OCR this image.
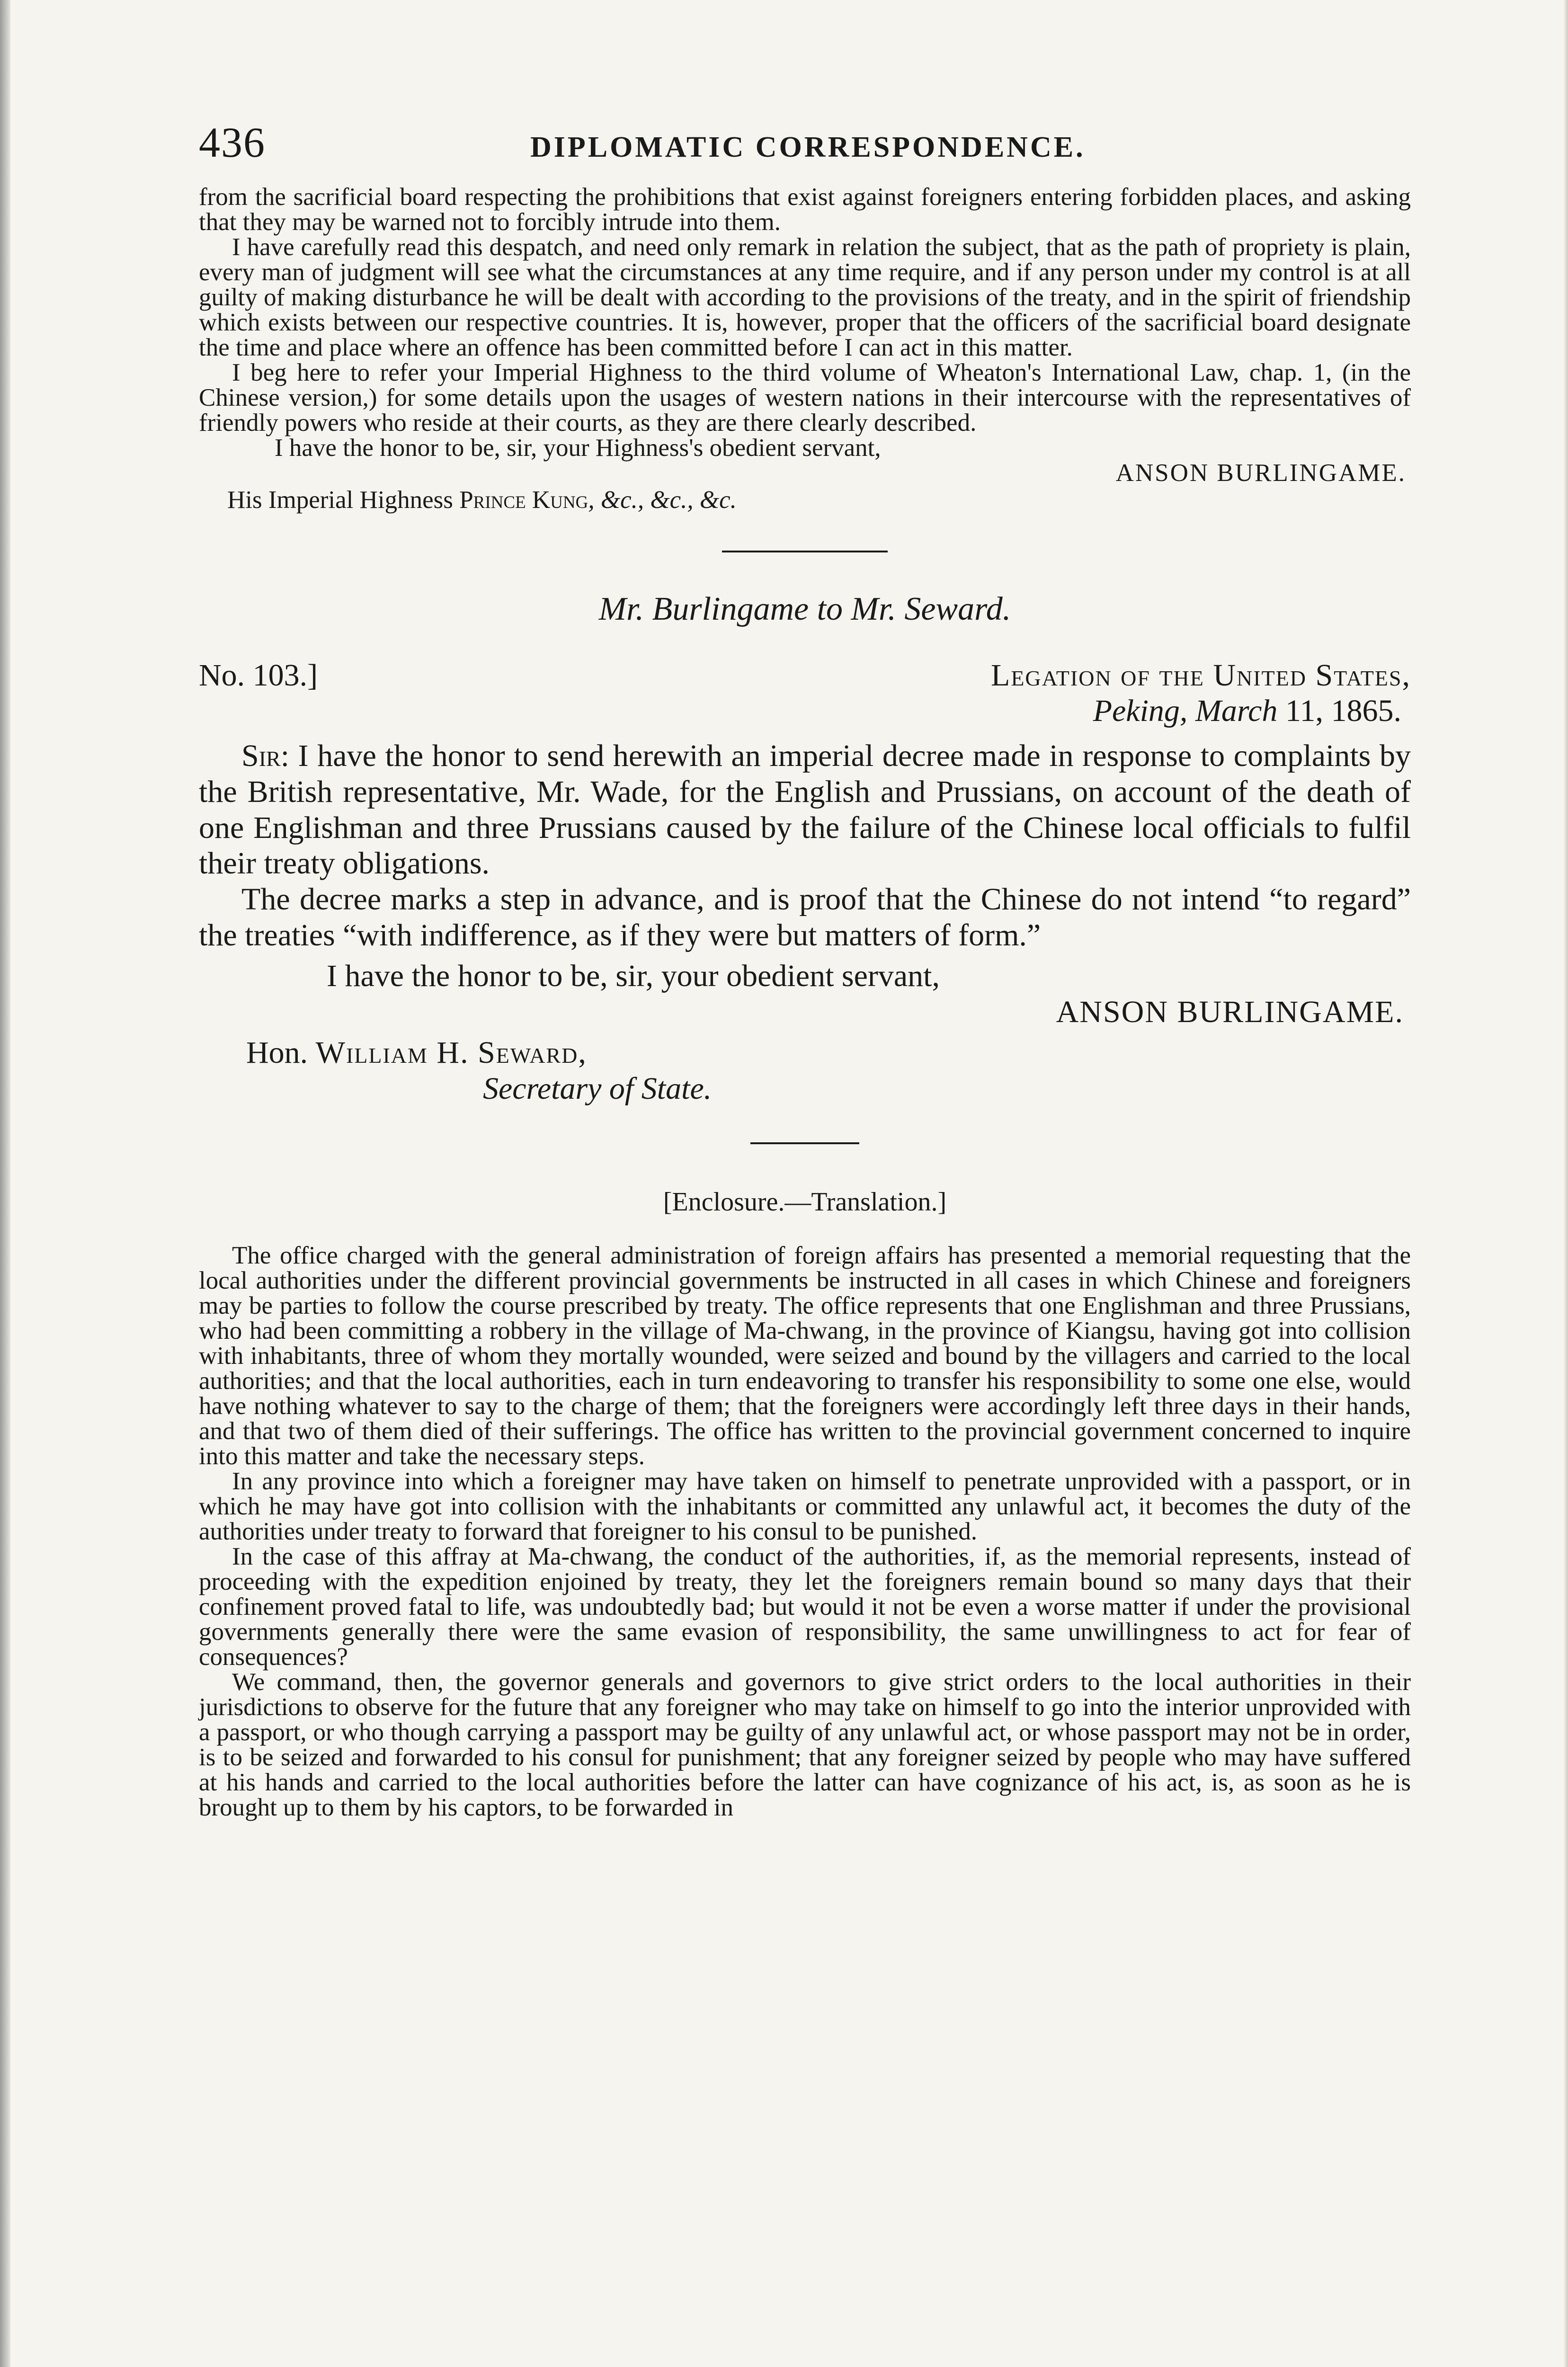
436	DIPLOMATIC CORRESPONDENCE.

from the sacrificial board respecting the prohibitions that exist against foreigners entering forbidden places, and asking that they may be warned not to forcibly intrude into them.

I have carefully read this despatch, and need only remark in relation the subject, that as the path of propriety is plain, every man of judgment will see what the circumstances at any time require, and if any person under my control is at all guilty of making disturbance he will be dealt with according to the provisions of the treaty, and in the spirit of friendship which exists between our respective countries. It is, however, proper that the officers of the sacrificial board designate the time and place where an offence has been committed before I can act in this matter.

I beg here to refer your Imperial Highness to the third volume of Wheaton's International Law, chap. 1, (in the Chinese version,) for some details upon the usages of western nations in their intercourse with the representatives of friendly powers who reside at their courts, as they are there clearly described.

I have the honor to be, sir, your Highness's obedient servant,
ANSON BURLINGAME.
His Imperial Highness Prince Kung, &c., &c., &c.
Mr. Burlingame to Mr. Seward.
No. 103.]	Legation of the United States,
Peking, March 11, 1865.

Sir: I have the honor to send herewith an imperial decree made in response to complaints by the British representative, Mr. Wade, for the English and Prussians, on account of the death of one Englishman and three Prussians caused by the failure of the Chinese local officials to fulfil their treaty obligations.

The decree marks a step in advance, and is proof that the Chinese do not intend “to regard” the treaties “with indifference, as if they were but matters of form.”

I have the honor to be, sir, your obedient servant,
ANSON BURLINGAME.
Hon. William H. Seward,
Secretary of State.
[Enclosure.—Translation.]

The office charged with the general administration of foreign affairs has presented a memorial requesting that the local authorities under the different provincial governments be instructed in all cases in which Chinese and foreigners may be parties to follow the course prescribed by treaty. The office represents that one Englishman and three Prussians, who had been committing a robbery in the village of Ma-chwang, in the province of Kiangsu, having got into collision with inhabitants, three of whom they mortally wounded, were seized and bound by the villagers and carried to the local authorities; and that the local authorities, each in turn endeavoring to transfer his responsibility to some one else, would have nothing whatever to say to the charge of them; that the foreigners were accordingly left three days in their hands, and that two of them died of their sufferings. The office has written to the provincial government concerned to inquire into this matter and take the necessary steps.

In any province into which a foreigner may have taken on himself to penetrate unprovided with a passport, or in which he may have got into collision with the inhabitants or committed any unlawful act, it becomes the duty of the authorities under treaty to forward that foreigner to his consul to be punished.

In the case of this affray at Ma-chwang, the conduct of the authorities, if, as the memorial represents, instead of proceeding with the expedition enjoined by treaty, they let the foreigners remain bound so many days that their confinement proved fatal to life, was undoubtedly bad; but would it not be even a worse matter if under the provisional governments generally there were the same evasion of responsibility, the same unwillingness to act for fear of consequences?

We command, then, the governor generals and governors to give strict orders to the local authorities in their jurisdictions to observe for the future that any foreigner who may take on himself to go into the interior unprovided with a passport, or who though carrying a passport may be guilty of any unlawful act, or whose passport may not be in order, is to be seized and forwarded to his consul for punishment; that any foreigner seized by people who may have suffered at his hands and carried to the local authorities before the latter can have cognizance of his act, is, as soon as he is brought up to them by his captors, to be forwarded in
